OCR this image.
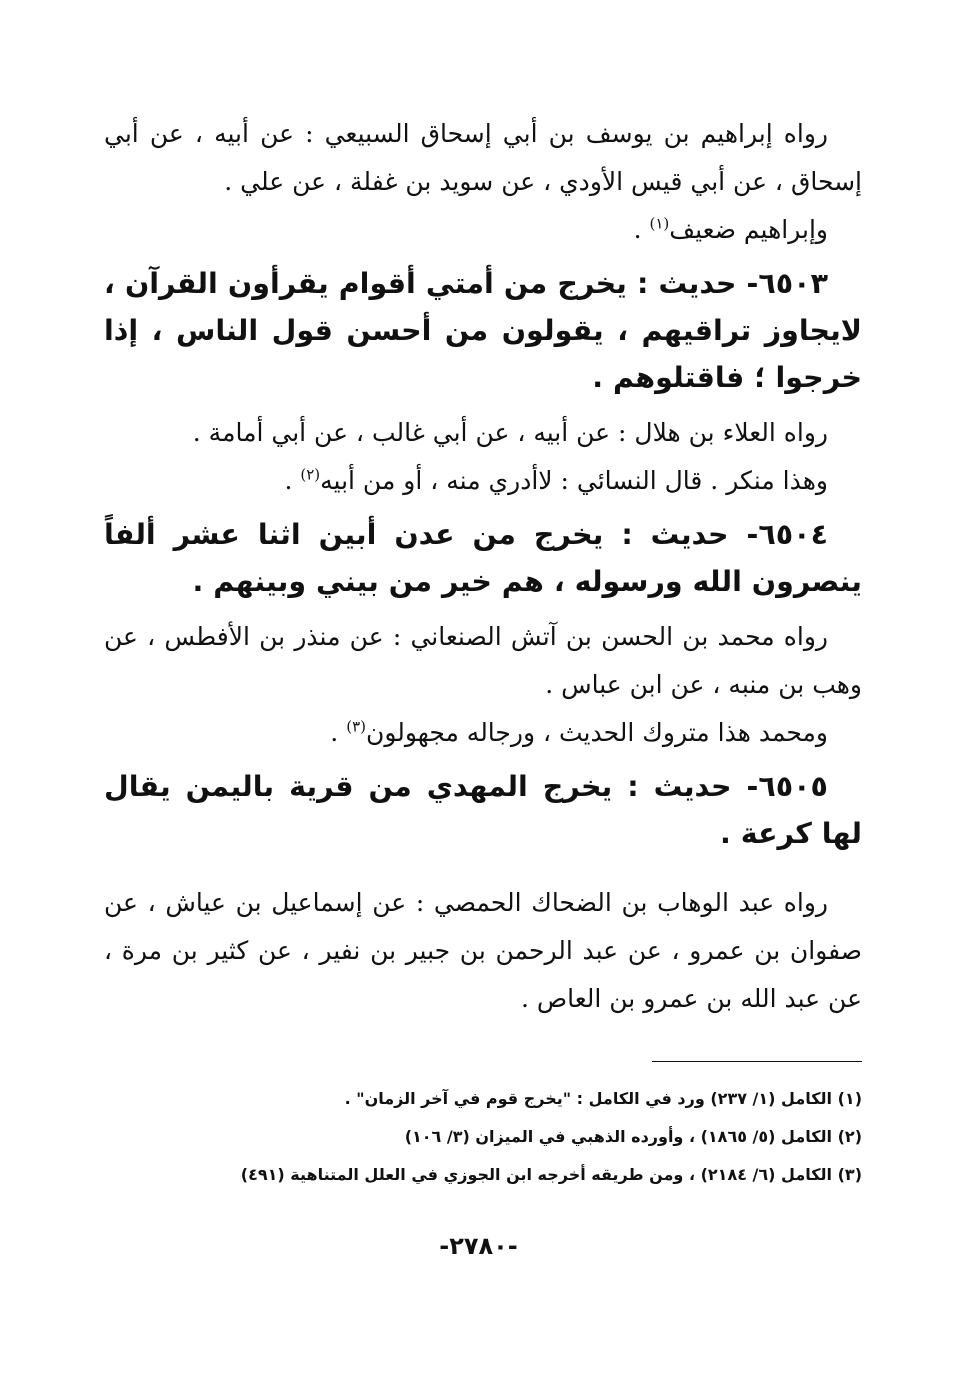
رواه إبراهيم بن يوسف بن أبي إسحاق السبيعي : عن أبيه ، عن أبي إسحاق ، عن أبي قيس الأودي ، عن سويد بن غفلة ، عن علي .

وإبراهيم ضعيف$^{(١)}$ .

٦٥٠٣- حديث : يخرج من أمتي أقوام يقرأون القرآن ، لايجاوز تراقيهم ، يقولون من أحسن قول الناس ، إذا خرجوا ؛ فاقتلوهم .

رواه العلاء بن هلال : عن أبيه ، عن أبي غالب ، عن أبي أمامة .

وهذا منكر . قال النسائي : لاأدري منه ، أو من أبيه$^{(٢)}$ .

٦٥٠٤- حديث : يخرج من عدن أبين اثنا عشر ألفاً ينصرون الله ورسوله ، هم خير من بيني وبينهم .

رواه محمد بن الحسن بن آتش الصنعاني : عن منذر بن الأفطس ، عن وهب بن منبه ، عن ابن عباس .

ومحمد هذا متروك الحديث ، ورجاله مجهولون$^{(٣)}$ .

٦٥٠٥- حديث : يخرج المهدي من قرية باليمن يقال لها كرعة .

رواه عبد الوهاب بن الضحاك الحمصي : عن إسماعيل بن عياش ، عن صفوان بن عمرو ، عن عبد الرحمن بن جبير بن نفير ، عن كثير بن مرة ، عن عبد الله بن عمرو بن العاص .

(١) الكامل (١/ ٢٣٧) ورد في الكامل : "يخرج قوم في آخر الزمان" .

(٢) الكامل (٥/ ١٨٦٥) ، وأورده الذهبي في الميزان (٣/ ١٠٦)

(٣) الكامل (٦/ ٢١٨٤) ، ومن طريقه أخرجه ابن الجوزي في العلل المتناهية (٤٩١)

-٢٧٨٠-
